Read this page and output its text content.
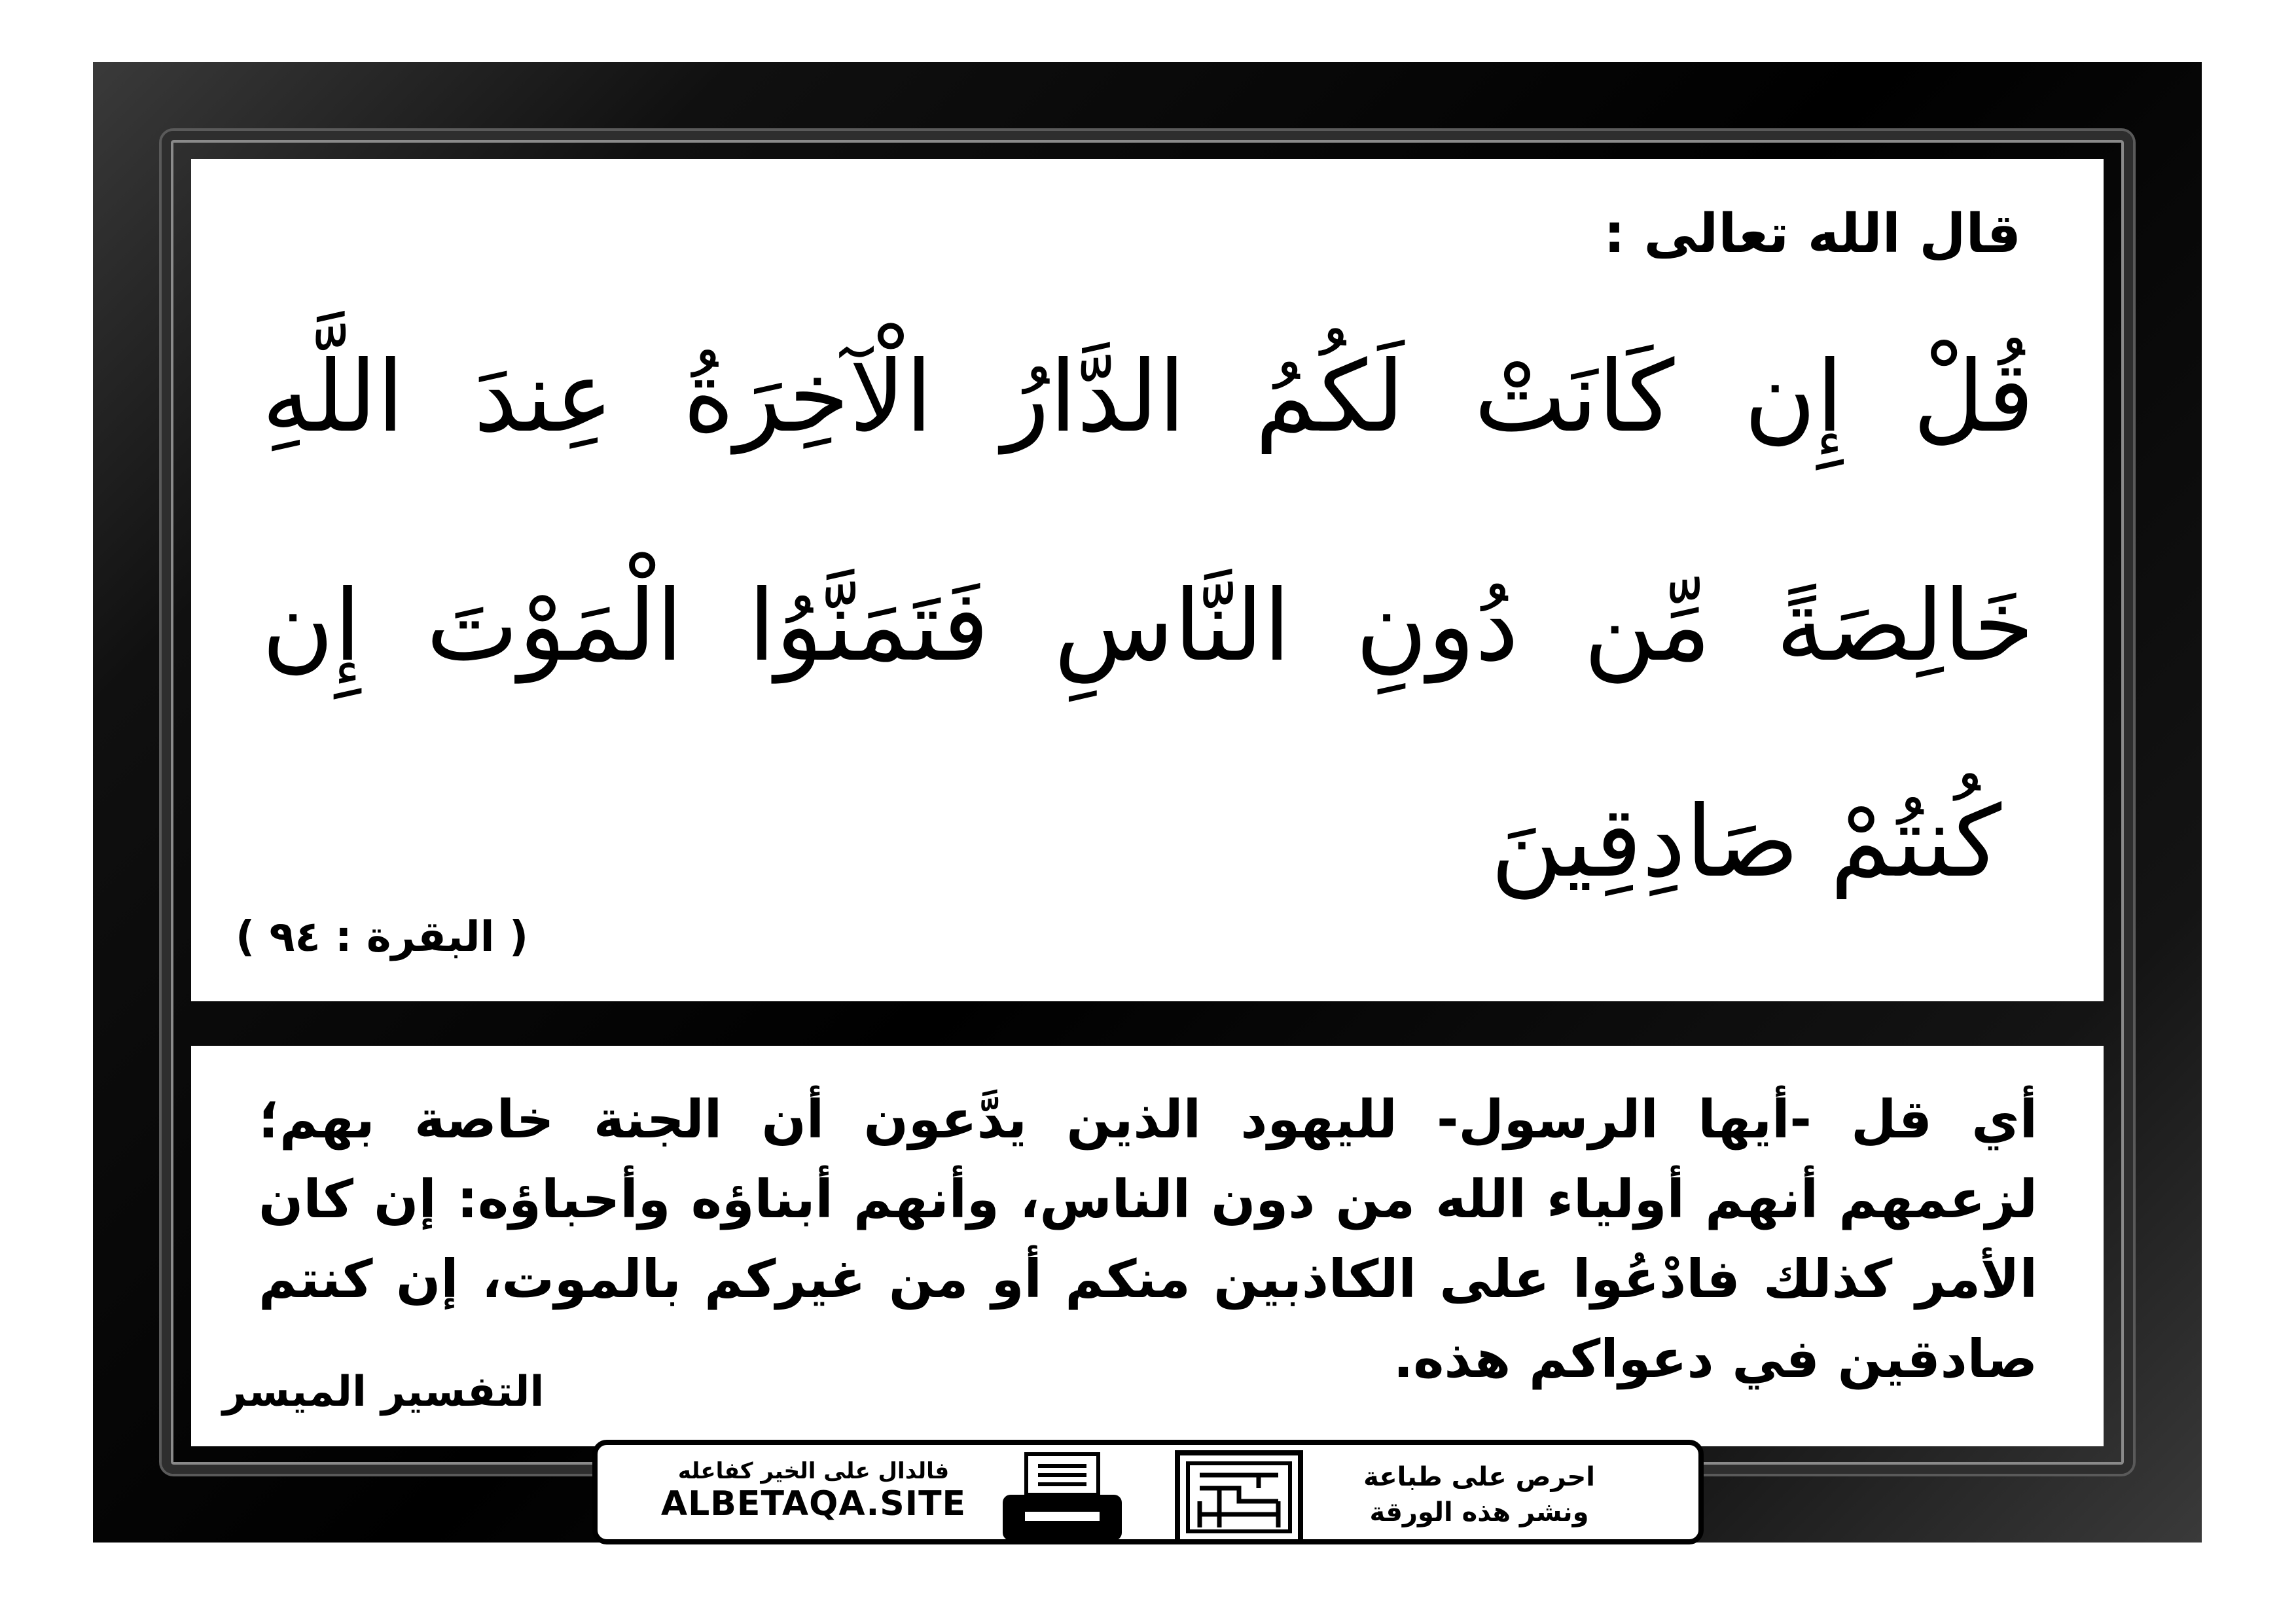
قال الله تعالى :
قُلْ إِن كَانَتْ لَكُمُ الدَّارُ الْآخِرَةُ عِندَ اللَّهِ
خَالِصَةً مِّن دُونِ النَّاسِ فَتَمَنَّوُا الْمَوْتَ إِن
كُنتُمْ صَادِقِينَ
( البقرة : ٩٤ )
أي قل -أيها الرسول- لليهود الذين يدَّعون أن الجنة خاصة بهم؛ لزعمهم أنهم أولياء الله من دون الناس، وأنهم أبناؤه وأحباؤه: إن كان الأمر كذلك فادْعُوا على الكاذبين منكم أو من غيركم بالموت، إن كنتم صادقين في دعواكم هذه.
التفسير الميسر
احرص على طباعة
ونشر هذه الورقة
فالدال على الخير كفاعله
ALBETAQA.SITE
